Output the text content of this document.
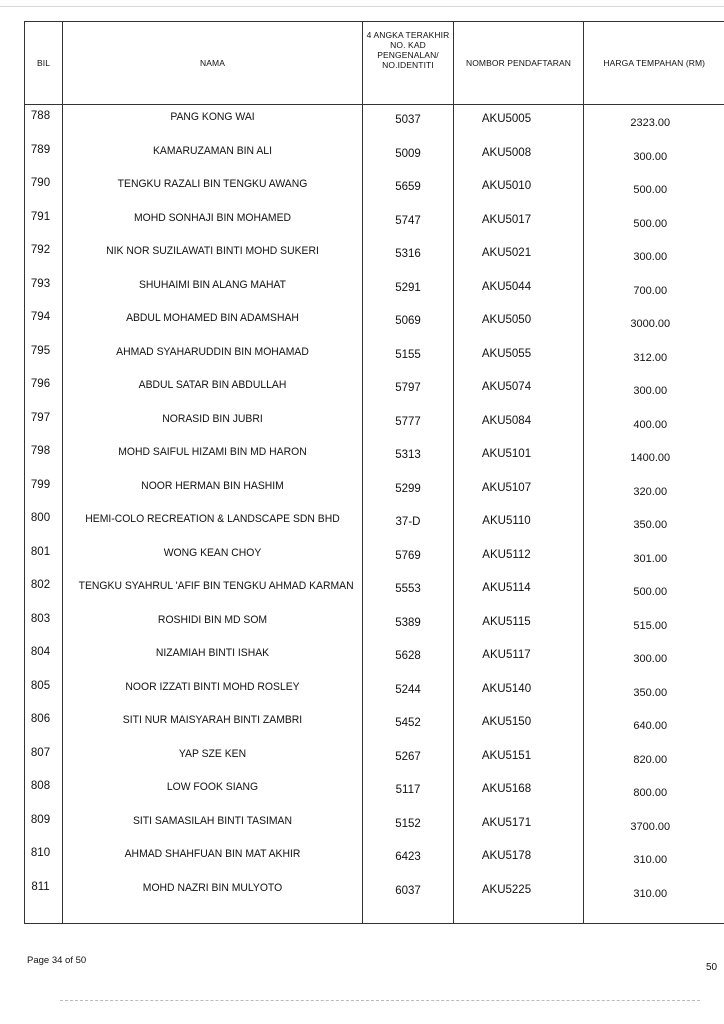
BIL	NAMA	4 ANGKA TERAKHIR
NO. KAD
PENGENALAN/
NO.IDENTITI	NOMBOR PENDAFTARAN	HARGA TEMPAHAN (RM)

788	PANG KONG WAI	5037	AKU5005	2323.00

789	KAMARUZAMAN BIN ALI	5009	AKU5008	300.00

790	TENGKU RAZALI BIN TENGKU AWANG	5659	AKU5010	500.00

791	MOHD SONHAJI BIN MOHAMED	5747	AKU5017	500.00

792	NIK NOR SUZILAWATI BINTI MOHD SUKERI	5316	AKU5021	300.00

793	SHUHAIMI BIN ALANG MAHAT	5291	AKU5044	700.00

794	ABDUL MOHAMED BIN ADAMSHAH	5069	AKU5050	3000.00

795	AHMAD SYAHARUDDIN BIN MOHAMAD	5155	AKU5055	312.00

796	ABDUL SATAR BIN ABDULLAH	5797	AKU5074	300.00

797	NORASID BIN JUBRI	5777	AKU5084	400.00

798	MOHD SAIFUL HIZAMI BIN MD HARON	5313	AKU5101	1400.00

799	NOOR HERMAN BIN HASHIM	5299	AKU5107	320.00

800	HEMI-COLO RECREATION & LANDSCAPE SDN BHD	37-D	AKU5110	350.00

801	WONG KEAN CHOY	5769	AKU5112	301.00

802	TENGKU SYAHRUL 'AFIF BIN TENGKU AHMAD KARMAN	5553	AKU5114	500.00

803	ROSHIDI BIN MD SOM	5389	AKU5115	515.00

804	NIZAMIAH BINTI ISHAK	5628	AKU5117	300.00

805	NOOR IZZATI BINTI MOHD ROSLEY	5244	AKU5140	350.00

806	SITI NUR MAISYARAH BINTI ZAMBRI	5452	AKU5150	640.00

807	YAP SZE KEN	5267	AKU5151	820.00

808	LOW FOOK SIANG	5117	AKU5168	800.00

809	SITI SAMASILAH BINTI TASIMAN	5152	AKU5171	3700.00

810	AHMAD SHAHFUAN BIN MAT AKHIR	6423	AKU5178	310.00

811	MOHD NAZRI BIN MULYOTO	6037	AKU5225	310.00

Page 34 of 50
50
